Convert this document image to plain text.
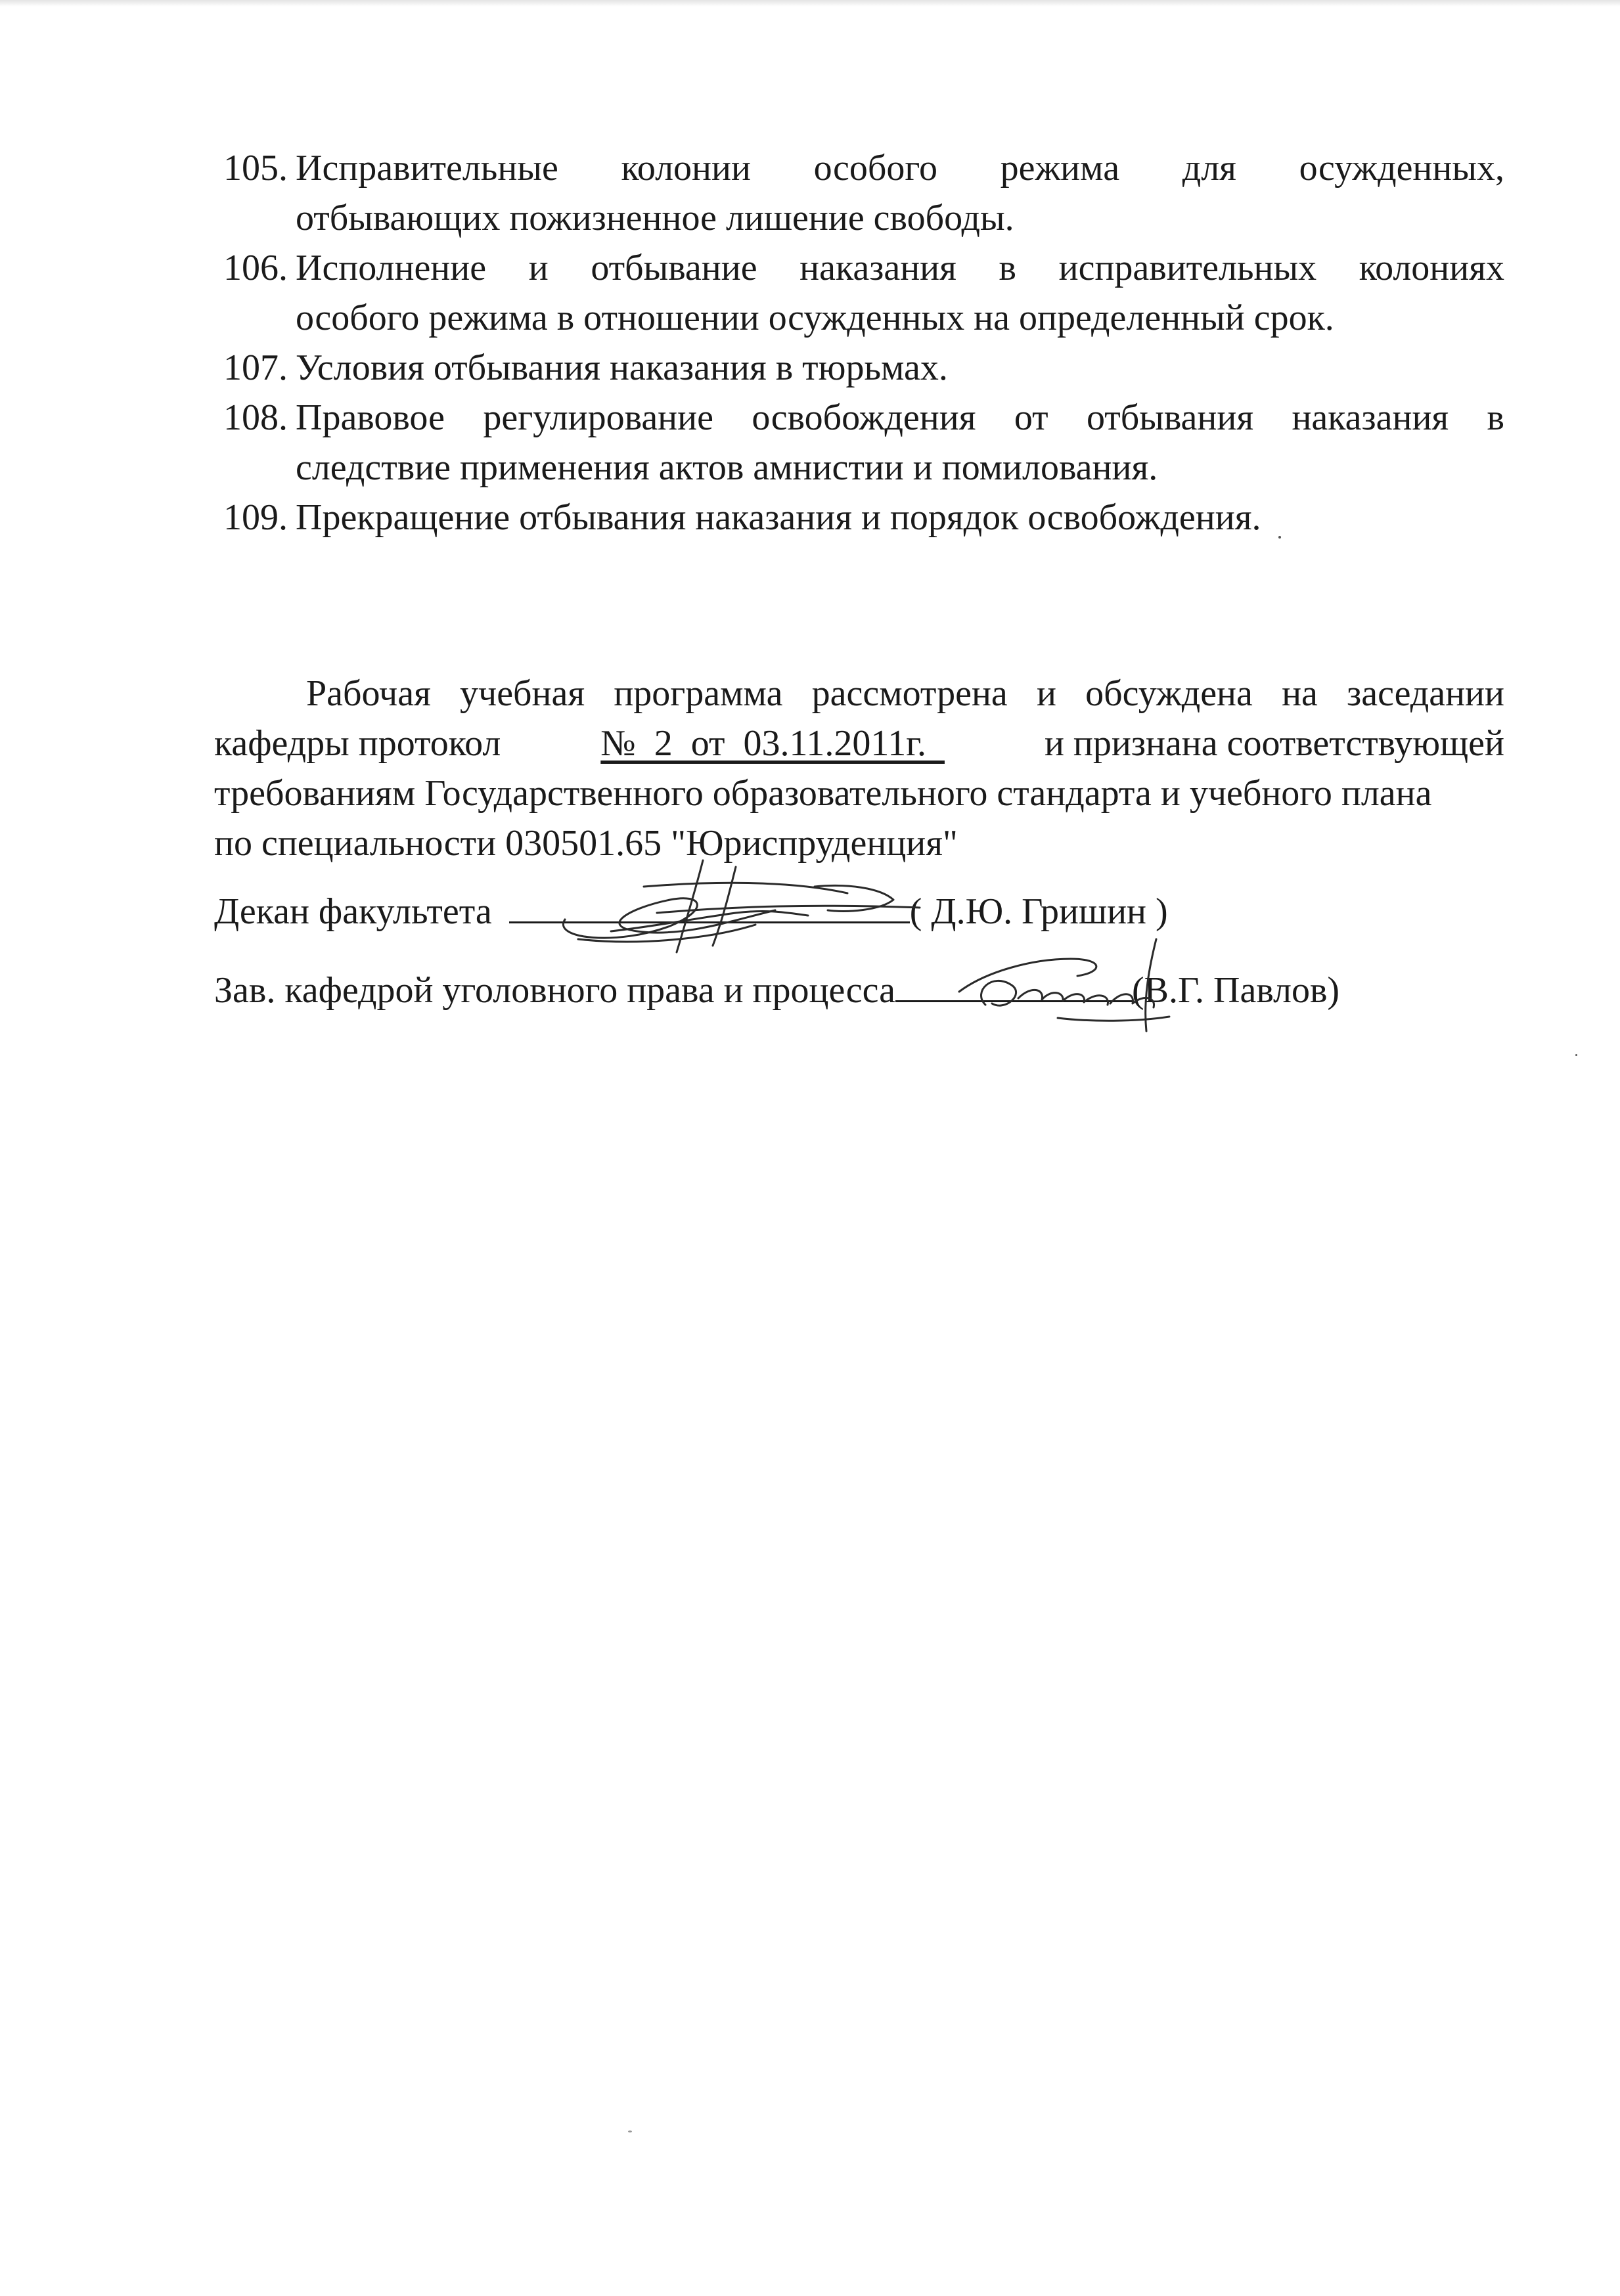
105. Исправительные колонии особого режима для осужденных,
отбывающих пожизненное лишение свободы.
106. Исполнение и отбывание наказания в исправительных колониях
особого режима в отношении осужденных на определенный срок.
107. Условия отбывания наказания в тюрьмах.
108. Правовое регулирование освобождения от отбывания наказания в
следствие применения актов амнистии и помилования.
109. Прекращение отбывания наказания и порядок освобождения.
Рабочая учебная программа рассмотрена и обсуждена на заседании
кафедры протокол	№  2  от  03.11.2011г.	и признана соответствующей
требованиям Государственного образовательного стандарта и учебного плана
по специальности 030501.65 "Юриспруденция"
Декан факультета	( Д.Ю. Гришин )
Зав. кафедрой уголовного права и процесса	(В.Г. Павлов)
